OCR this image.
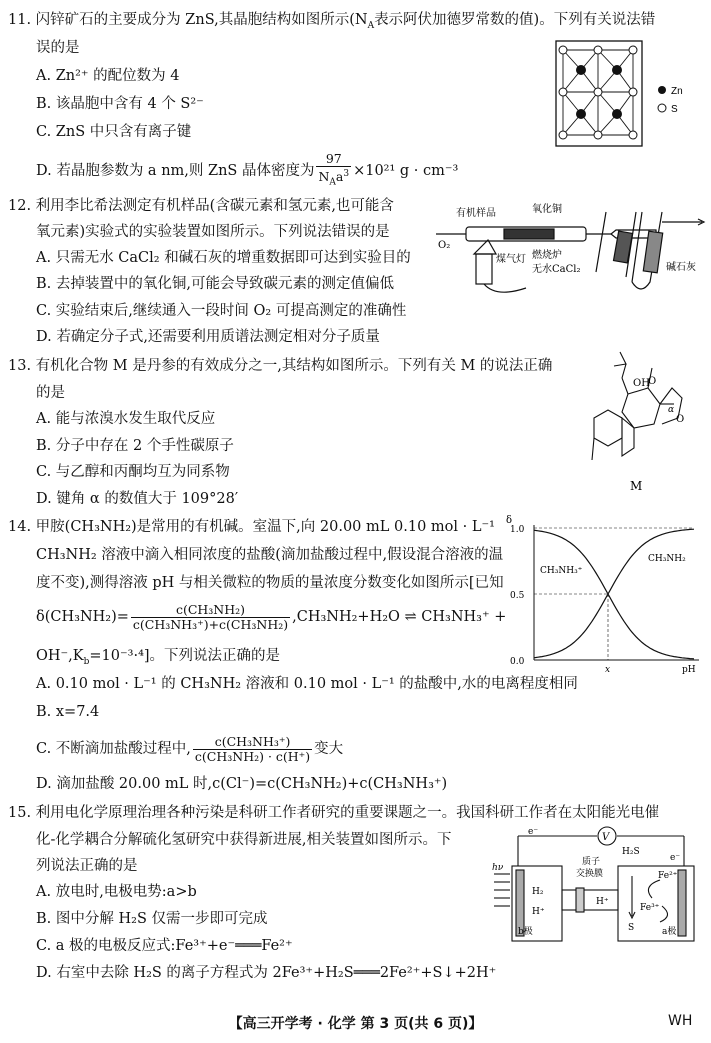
11. 闪锌矿石的主要成分为 ZnS,其晶胞结构如图所示($N_A$表示阿伏加德罗常数的值)。下列有关说法错
误的是
A. Zn²⁺ 的配位数为 4
B. 该晶胞中含有 4 个 S²⁻
C. ZnS 中只含有离子键
D. 若晶胞参数为 a nm,则 ZnS 晶体密度为 $\frac{97}{N_Aa^3} \times 10^{21}$ g · cm⁻³
Zn
S
12. 利用李比希法测定有机样品(含碳元素和氢元素,也可能含
氧元素)实验式的实验装置如图所示。下列说法错误的是
A. 只需无水 CaCl₂ 和碱石灰的增重数据即可达到实验目的
B. 去掉装置中的氧化铜,可能会导致碳元素的测定值偏低
C. 实验结束后,继续通入一段时间 O₂ 可提高测定的准确性
D. 若确定分子式,还需要利用质谱法测定相对分子质量
有机样品	氧化铜
O₂
煤气灯 燃烧炉
无水CaCl₂	碱石灰
13. 有机化合物 M 是丹参的有效成分之一,其结构如图所示。下列有关 M 的说法正确
的是
A. 能与浓溴水发生取代反应
B. 分子中存在 2 个手性碳原子
C. 与乙醇和丙酮均互为同系物
D. 键角 α 的数值大于 109°28′
OH
O
O
α
M
14. 甲胺(CH₃NH₂)是常用的有机碱。室温下,向 20.00 mL 0.10 mol · L⁻¹
CH₃NH₂ 溶液中滴入相同浓度的盐酸(滴加盐酸过程中,假设混合溶液的温
度不变),测得溶液 pH 与相关微粒的物质的量浓度分数变化如图所示[已知
$\delta(CH_3NH_2)= \frac{\text{c(CH₃NH₂)}}{\text{c(CH₃NH₃⁺)+c(CH₃NH₂)}} ,CH_3NH_2+H_2O$ ⇌ CH₃NH₃⁺ +
$OH^-,K_b=10^{-3}\cdot^4$]。下列说法正确的是
A. 0.10 mol · L⁻¹ 的 CH₃NH₂ 溶液和 0.10 mol · L⁻¹ 的盐酸中,水的电离程度相同
B. x=7.4
C. 不断滴加盐酸过程中, $\frac{\text{c(CH₃NH₃⁺)}}{\text{c(CH₃NH₂) · c(H⁺)}}$ 变大
D. 滴加盐酸 20.00 mL 时,c(Cl⁻)=c(CH₃NH₂)+c(CH₃NH₃⁺)
δ
1.0
0.5
0.0
x	pH
CH₃NH₃⁺
CH₃NH₂
15. 利用电化学原理治理各种污染是科研工作者研究的重要课题之一。我国科研工作者在太阳能光电催
化-化学耦合分解硫化氢研究中获得新进展,相关装置如图所示。下
列说法正确的是
A. 放电时,电极电势:a>b
B. 图中分解 H₂S 仅需一步即可完成
C. a 极的电极反应式:Fe³⁺+e⁻═══Fe²⁺
D. 右室中去除 H₂S 的离子方程式为 2Fe³⁺+H₂S═══2Fe²⁺+S↓+2H⁺
V
e⁻
e⁻
hν
H₂
H⁺
b极	a极
质子
交换膜
H₂S
Fe²⁺
Fe³⁺
S
H⁺
【高三开学考 · 化学 第 3 页(共 6 页)】	WH
